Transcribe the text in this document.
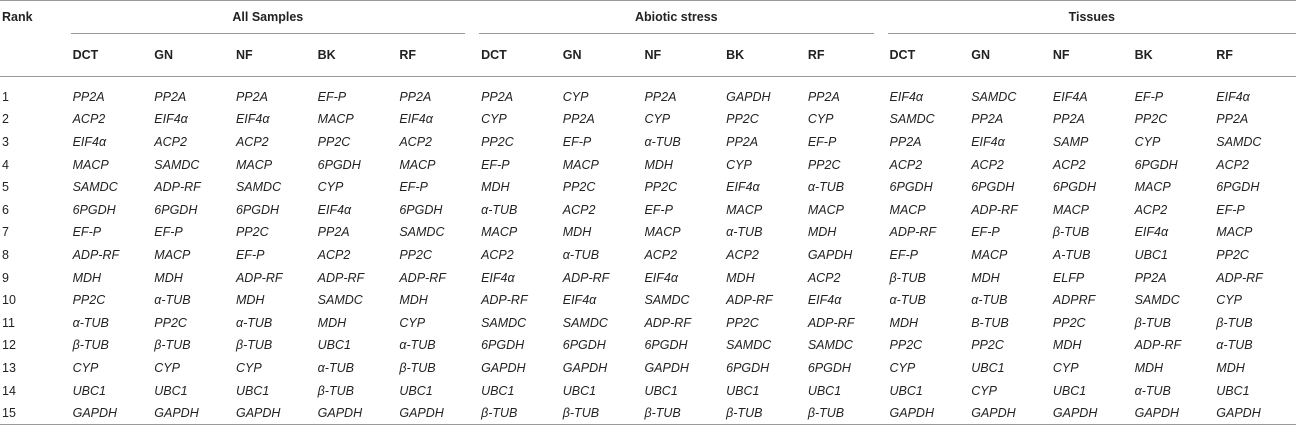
Rank	All Samples					Abiotic stress					Tissues				

	DCT	GN	NF	BK	RF	DCT	GN	NF	BK	RF	DCT	GN	NF	BK	RF

1	PP2A	PP2A	PP2A	EF-P	PP2A	PP2A	CYP	PP2A	GAPDH	PP2A	EIF4α	SAMDC	EIF4A	EF-P	EIF4α
2	ACP2	EIF4α	EIF4α	MACP	EIF4α	CYP	PP2A	CYP	PP2C	CYP	SAMDC	PP2A	PP2A	PP2C	PP2A
3	EIF4α	ACP2	ACP2	PP2C	ACP2	PP2C	EF-P	α-TUB	PP2A	EF-P	PP2A	EIF4α	SAMP	CYP	SAMDC
4	MACP	SAMDC	MACP	6PGDH	MACP	EF-P	MACP	MDH	CYP	PP2C	ACP2	ACP2	ACP2	6PGDH	ACP2
5	SAMDC	ADP-RF	SAMDC	CYP	EF-P	MDH	PP2C	PP2C	EIF4α	α-TUB	6PGDH	6PGDH	6PGDH	MACP	6PGDH
6	6PGDH	6PGDH	6PGDH	EIF4α	6PGDH	α-TUB	ACP2	EF-P	MACP	MACP	MACP	ADP-RF	MACP	ACP2	EF-P
7	EF-P	EF-P	PP2C	PP2A	SAMDC	MACP	MDH	MACP	α-TUB	MDH	ADP-RF	EF-P	β-TUB	EIF4α	MACP
8	ADP-RF	MACP	EF-P	ACP2	PP2C	ACP2	α-TUB	ACP2	ACP2	GAPDH	EF-P	MACP	A-TUB	UBC1	PP2C
9	MDH	MDH	ADP-RF	ADP-RF	ADP-RF	EIF4α	ADP-RF	EIF4α	MDH	ACP2	β-TUB	MDH	ELFP	PP2A	ADP-RF
10	PP2C	α-TUB	MDH	SAMDC	MDH	ADP-RF	EIF4α	SAMDC	ADP-RF	EIF4α	α-TUB	α-TUB	ADPRF	SAMDC	CYP
11	α-TUB	PP2C	α-TUB	MDH	CYP	SAMDC	SAMDC	ADP-RF	PP2C	ADP-RF	MDH	B-TUB	PP2C	β-TUB	β-TUB
12	β-TUB	β-TUB	β-TUB	UBC1	α-TUB	6PGDH	6PGDH	6PGDH	SAMDC	SAMDC	PP2C	PP2C	MDH	ADP-RF	α-TUB
13	CYP	CYP	CYP	α-TUB	β-TUB	GAPDH	GAPDH	GAPDH	6PGDH	6PGDH	CYP	UBC1	CYP	MDH	MDH
14	UBC1	UBC1	UBC1	β-TUB	UBC1	UBC1	UBC1	UBC1	UBC1	UBC1	UBC1	CYP	UBC1	α-TUB	UBC1
15	GAPDH	GAPDH	GAPDH	GAPDH	GAPDH	β-TUB	β-TUB	β-TUB	β-TUB	β-TUB	GAPDH	GAPDH	GAPDH	GAPDH	GAPDH
